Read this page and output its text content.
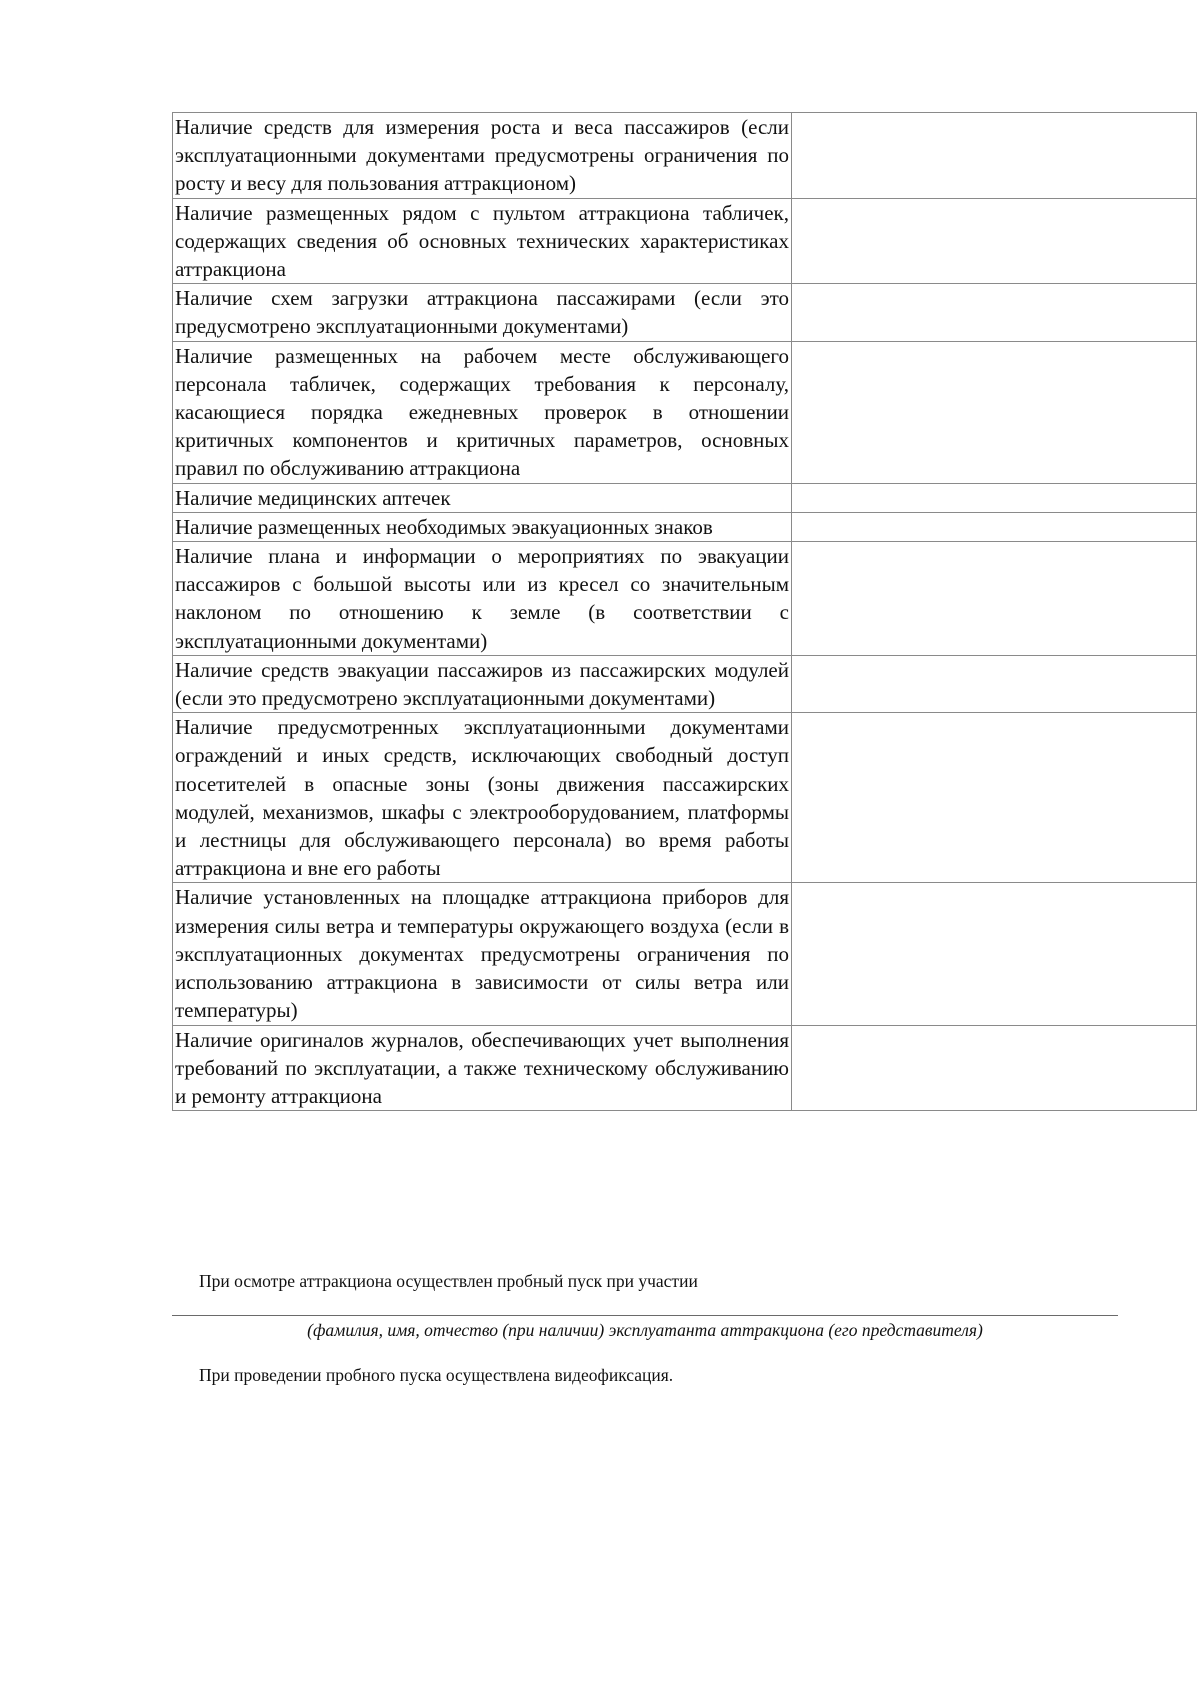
Наличие средств для измерения роста и веса пассажиров (если эксплуатационными документами предусмотрены ограничения по росту и весу для пользования аттракционом)	
Наличие размещенных рядом с пультом аттракциона табличек, содержащих сведения об основных технических характеристиках аттракциона	
Наличие схем загрузки аттракциона пассажирами (если это предусмотрено эксплуатационными документами)	
Наличие размещенных на рабочем месте обслуживающего персонала табличек, содержащих требования к персоналу, касающиеся порядка ежедневных проверок в отношении критичных компонентов и критичных параметров, основных правил по обслуживанию аттракциона	
Наличие медицинских аптечек	
Наличие размещенных необходимых эвакуационных знаков	
Наличие плана и информации о мероприятиях по эвакуации пассажиров с большой высоты или из кресел со значительным наклоном по отношению к земле (в соответствии с эксплуатационными документами)	
Наличие средств эвакуации пассажиров из пассажирских модулей (если это предусмотрено эксплуатационными документами)	
Наличие предусмотренных эксплуатационными документами ограждений и иных средств, исключающих свободный доступ посетителей в опасные зоны (зоны движения пассажирских модулей, механизмов, шкафы с электрооборудованием, платформы и лестницы для обслуживающего персонала) во время работы аттракциона и вне его работы	
Наличие установленных на площадке аттракциона приборов для измерения силы ветра и температуры окружающего воздуха (если в эксплуатационных документах предусмотрены ограничения по использованию аттракциона в зависимости от силы ветра или температуры)	
Наличие оригиналов журналов, обеспечивающих учет выполнения требований по эксплуатации, а также техническому обслуживанию и ремонту аттракциона	
При осмотре аттракциона осуществлен пробный пуск при участии
(фамилия, имя, отчество (при наличии) эксплуатанта аттракциона (его представителя)
При проведении пробного пуска осуществлена видеофиксация.
